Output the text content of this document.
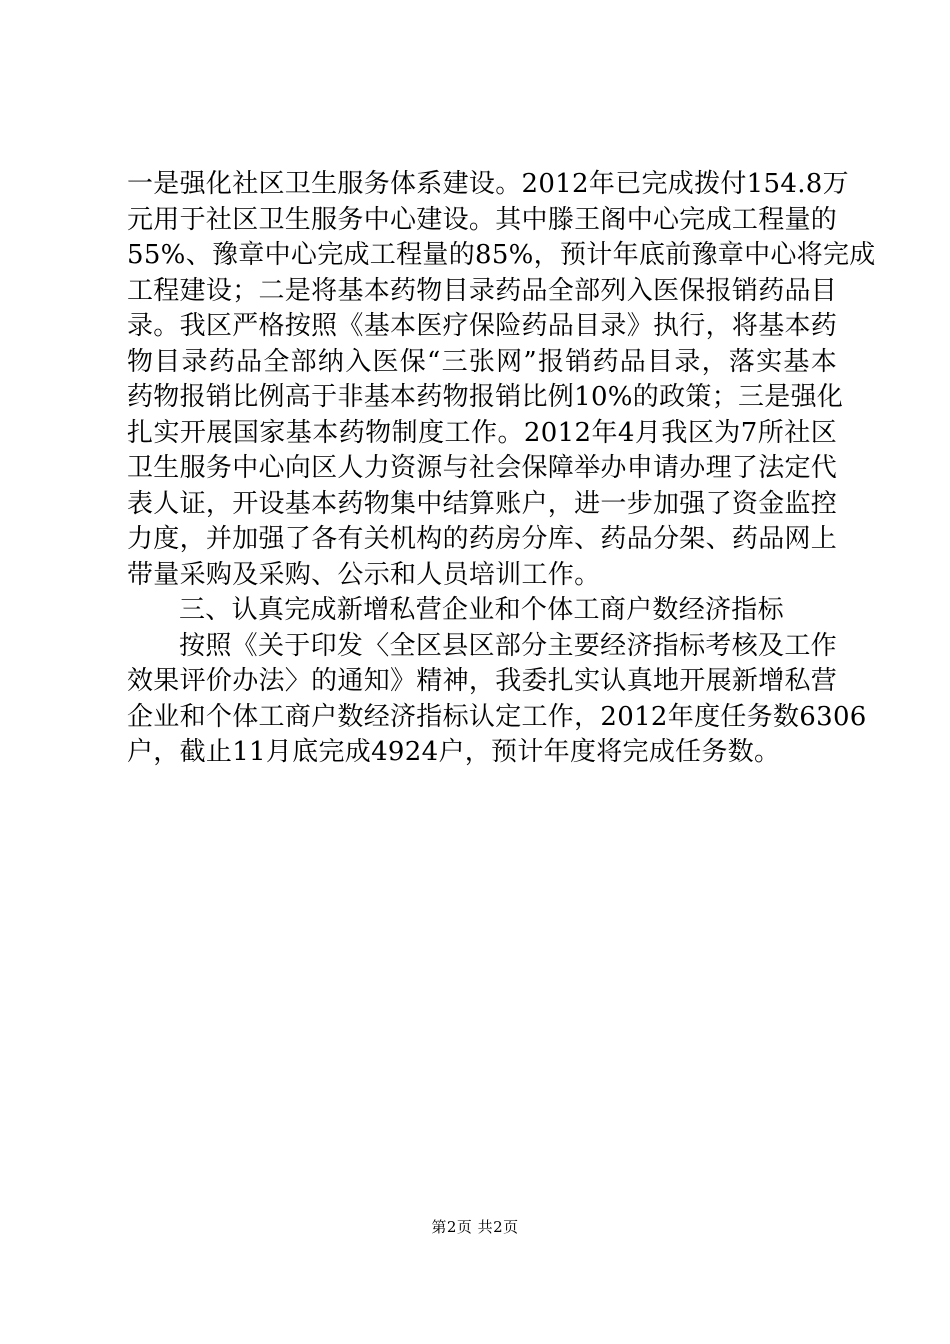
一是强化社区卫生服务体系建设。2012年已完成拨付154.8万
元用于社区卫生服务中心建设。其中滕王阁中心完成工程量的
55%、豫章中心完成工程量的85%，预计年底前豫章中心将完成
工程建设；二是将基本药物目录药品全部列入医保报销药品目
录。我区严格按照《基本医疗保险药品目录》执行，将基本药
物目录药品全部纳入医保“三张网”报销药品目录，落实基本
药物报销比例高于非基本药物报销比例10%的政策；三是强化
扎实开展国家基本药物制度工作。2012年4月我区为7所社区
卫生服务中心向区人力资源与社会保障举办申请办理了法定代
表人证，开设基本药物集中结算账户，进一步加强了资金监控
力度，并加强了各有关机构的药房分库、药品分架、药品网上
带量采购及采购、公示和人员培训工作。
三、认真完成新增私营企业和个体工商户数经济指标
按照《关于印发〈全区县区部分主要经济指标考核及工作
效果评价办法〉的通知》精神，我委扎实认真地开展新增私营
企业和个体工商户数经济指标认定工作，2012年度任务数6306
户，截止11月底完成4924户，预计年度将完成任务数。
第2页 共2页
